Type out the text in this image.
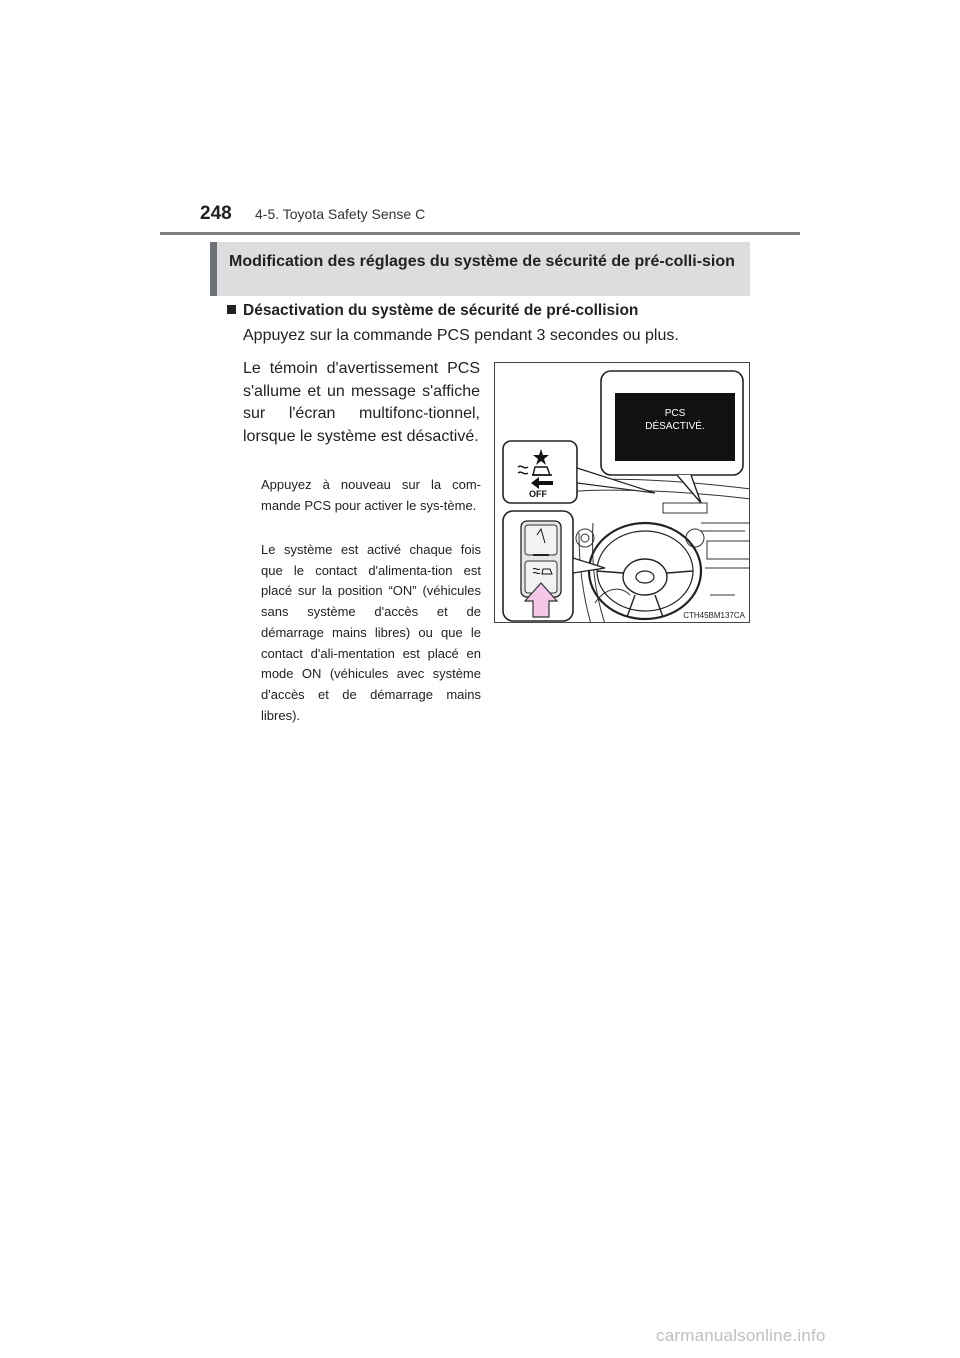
248 4-5. Toyota Safety Sense C
Modification des réglages du système de sécurité de pré-colli-sion
Désactivation du système de sécurité de pré-collision
Appuyez sur la commande PCS pendant 3 secondes ou plus.
Le témoin d'avertissement PCS s'allume et un message s'affiche sur l'écran multifonc-tionnel, lorsque le système est désactivé.
Appuyez à nouveau sur la com-mande PCS pour activer le sys-tème.
Le système est activé chaque fois que le contact d'alimenta-tion est placé sur la position “ON” (véhicules sans système d'accès et de démarrage mains libres) ou que le contact d'ali-mentation est placé en mode ON (véhicules avec système d'accès et de démarrage mains libres).
PCS
DÉSACTIVÉ.
OFF
CTH45BM137CA
carmanualsonline.info
